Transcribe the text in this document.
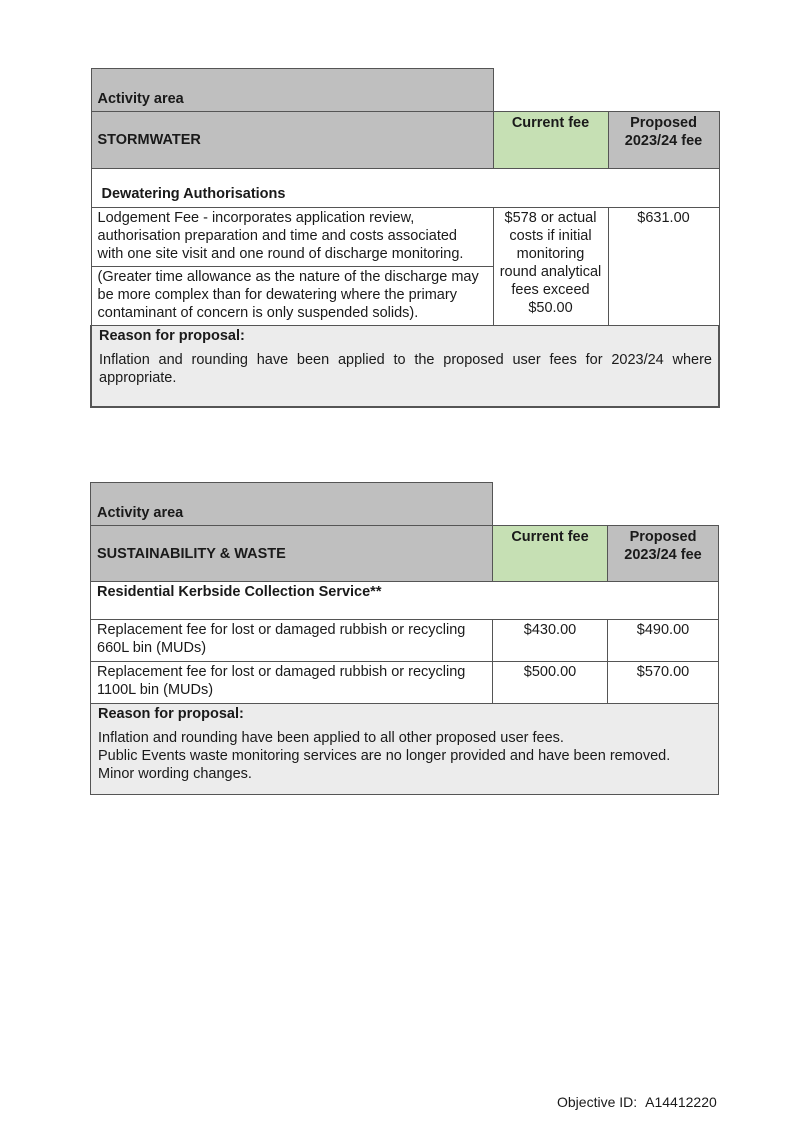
Activity area		
STORMWATER	Current fee	Proposed 2023/24 fee
Dewatering Authorisations		
Lodgement Fee - incorporates application review, authorisation preparation and time and costs associated with one site visit and one round of discharge monitoring.	$578 or actual costs if initial monitoring round analytical fees exceed $50.00	$631.00
(Greater time allowance as the nature of the discharge may be more complex than for dewatering where the primary contaminant of concern is only suspended solids).		

Reason for proposal:
Inflation and rounding have been applied to the proposed user fees for 2023/24 where appropriate.		
Activity area		
SUSTAINABILITY & WASTE	Current fee	Proposed 2023/24 fee
Residential Kerbside Collection Service**		
Replacement fee for lost or damaged rubbish or recycling 660L bin (MUDs)	$430.00	$490.00
Replacement fee for lost or damaged rubbish or recycling 1100L bin (MUDs)	$500.00	$570.00

Reason for proposal:
Inflation and rounding have been applied to all other proposed user fees.
Public Events waste monitoring services are no longer provided and have been removed.
Minor wording changes.		
Objective ID: A14412220
